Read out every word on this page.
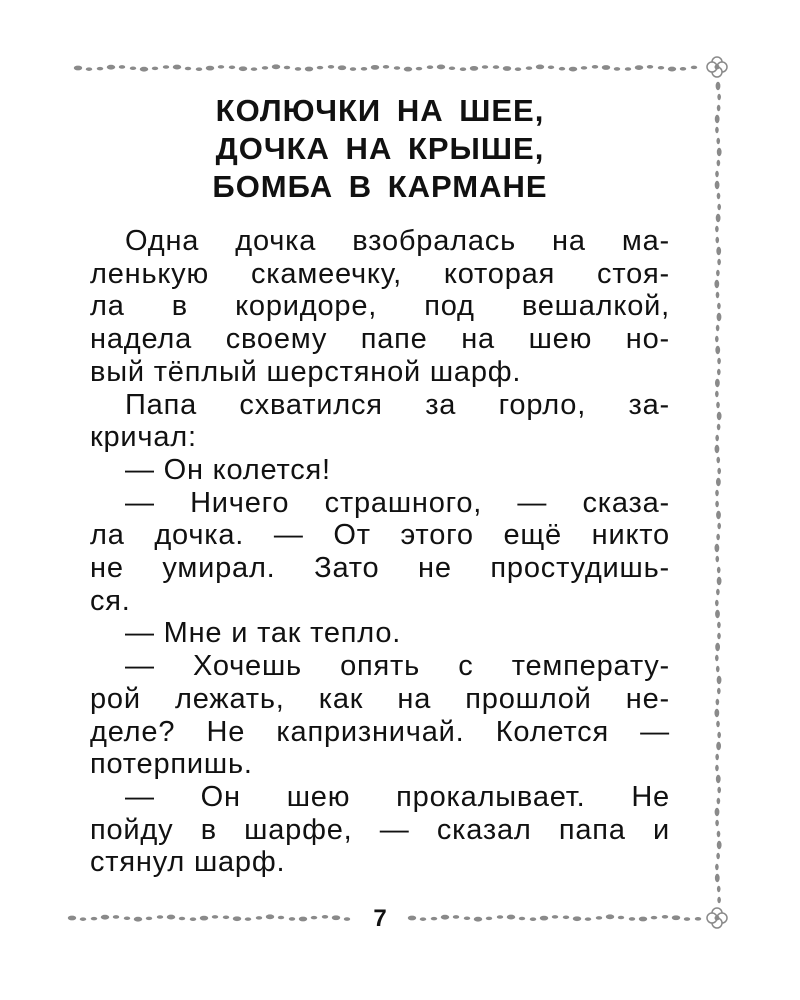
КОЛЮЧКИ НА ШЕЕ,
ДОЧКА НА КРЫШЕ,
БОМБА В КАРМАНЕ
Одна дочка взобралась на ма-
ленькую скамеечку, которая стоя-
ла в коридоре, под вешалкой,
надела своему папе на шею но-
вый тёплый шерстяной шарф.
Папа схватился за горло, за-
кричал:
— Он колется!
— Ничего страшного, — сказа-
ла дочка. — От этого ещё никто
не умирал. Зато не простудишь-
ся.
— Мне и так тепло.
— Хочешь опять с температу-
рой лежать, как на прошлой не-
деле? Не капризничай. Колется —
потерпишь.
— Он шею прокалывает. Не
пойду в шарфе, — сказал папа и
стянул шарф.
7
